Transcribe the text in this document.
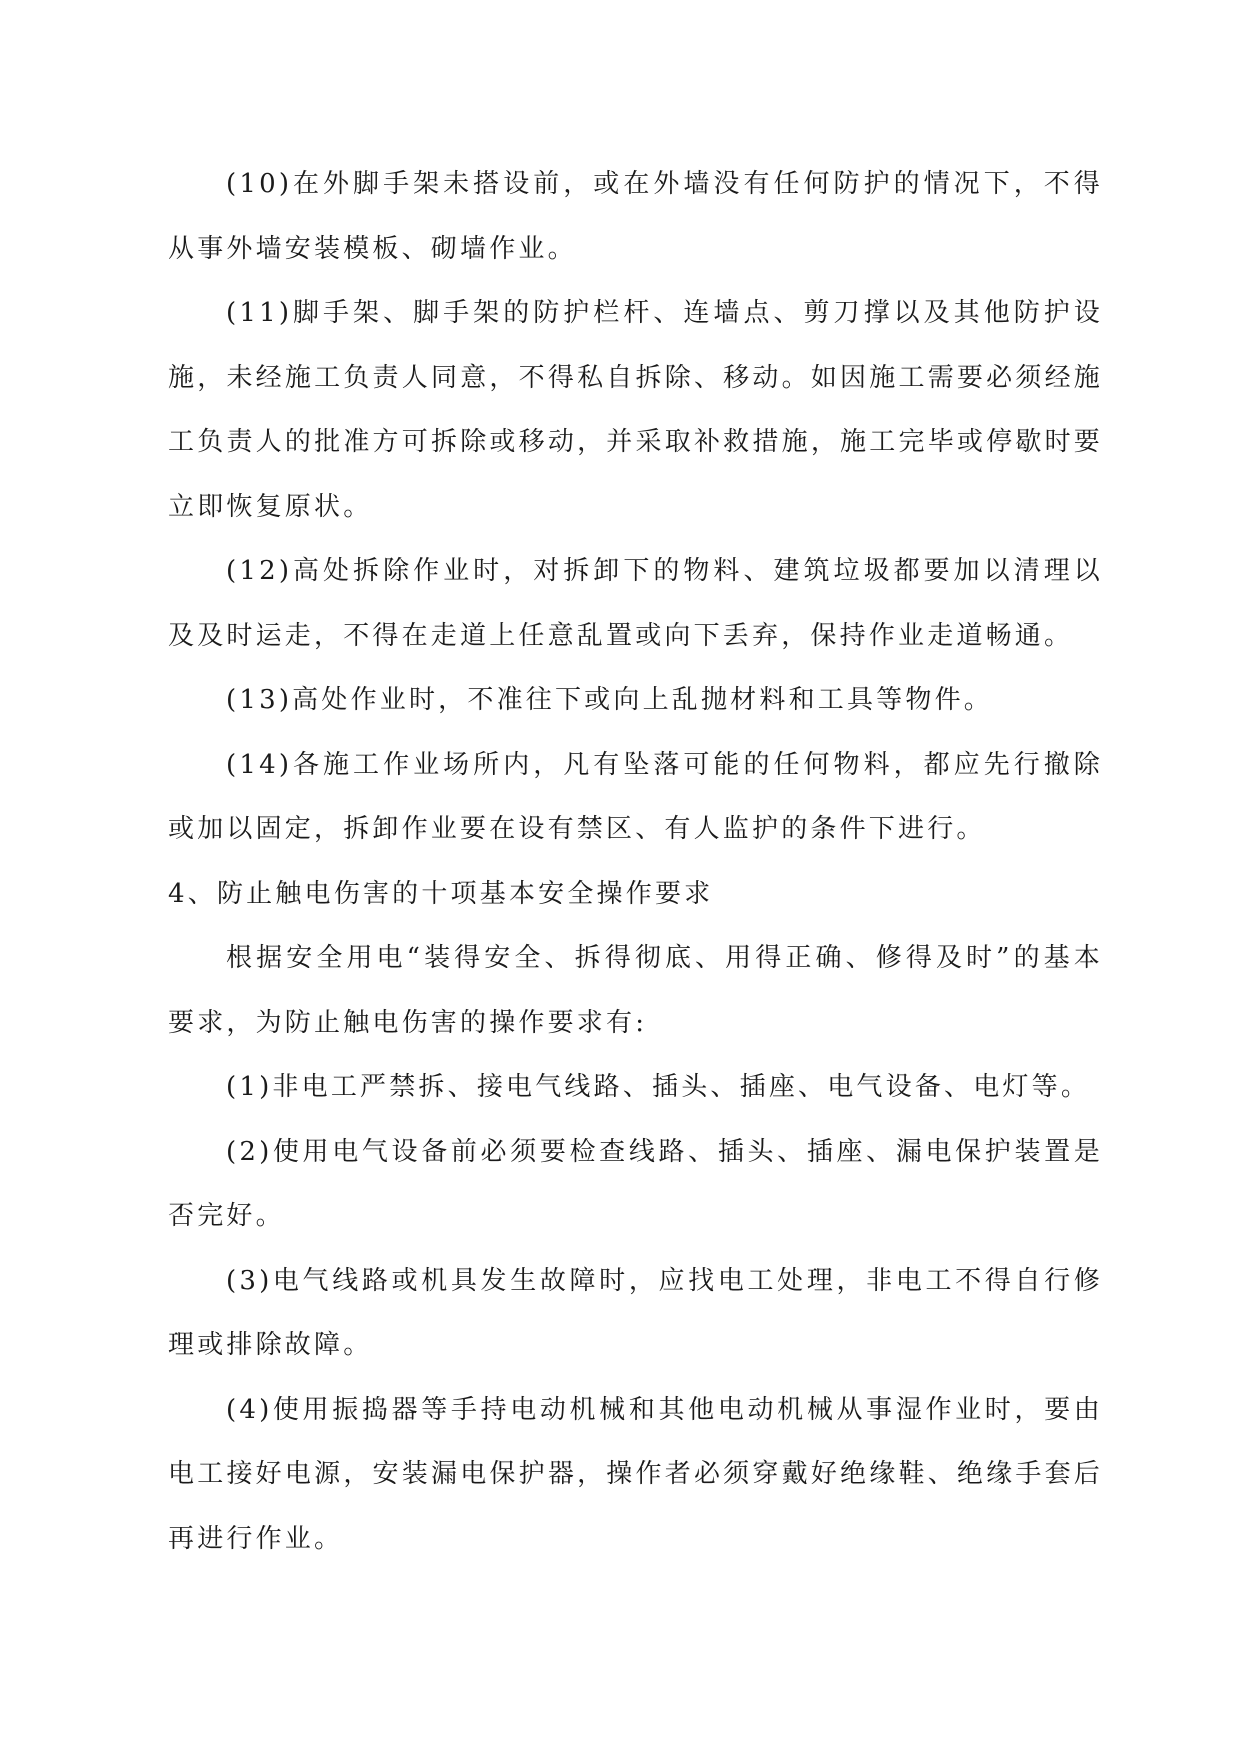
(10)在外脚手架未搭设前，或在外墙没有任何防护的情况下，不得从事外墙安装模板、砌墙作业。

(11)脚手架、脚手架的防护栏杆、连墙点、剪刀撑以及其他防护设施，未经施工负责人同意，不得私自拆除、移动。如因施工需要必须经施工负责人的批准方可拆除或移动，并采取补救措施，施工完毕或停歇时要立即恢复原状。

(12)高处拆除作业时，对拆卸下的物料、建筑垃圾都要加以清理以及及时运走，不得在走道上任意乱置或向下丢弃，保持作业走道畅通。

(13)高处作业时，不准往下或向上乱抛材料和工具等物件。

(14)各施工作业场所内，凡有坠落可能的任何物料，都应先行撤除或加以固定，拆卸作业要在设有禁区、有人监护的条件下进行。

4、防止触电伤害的十项基本安全操作要求

根据安全用电“装得安全、拆得彻底、用得正确、修得及时”的基本要求，为防止触电伤害的操作要求有:

(1)非电工严禁拆、接电气线路、插头、插座、电气设备、电灯等。

(2)使用电气设备前必须要检查线路、插头、插座、漏电保护装置是否完好。

(3)电气线路或机具发生故障时，应找电工处理，非电工不得自行修理或排除故障。

(4)使用振捣器等手持电动机械和其他电动机械从事湿作业时，要由电工接好电源，安装漏电保护器，操作者必须穿戴好绝缘鞋、绝缘手套后再进行作业。
